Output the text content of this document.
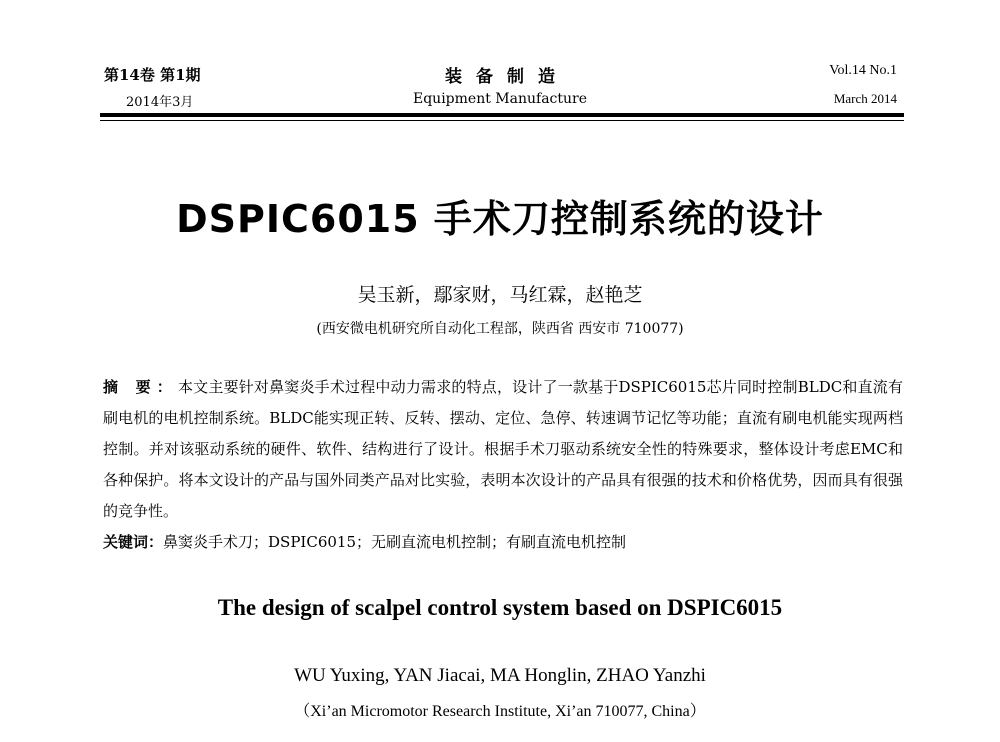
第14卷 第1期
2014年3月
装备制造
Equipment Manufacture
Vol.14 No.1
March 2014
DSPIC6015 手术刀控制系统的设计
吴玉新，鄢家财，马红霖，赵艳芝
(西安微电机研究所自动化工程部，陕西省 西安市 710077)
摘 要：本文主要针对鼻窦炎手术过程中动力需求的特点，设计了一款基于DSPIC6015芯片同时控制BLDC和直流有刷电机的电机控制系统。BLDC能实现正转、反转、摆动、定位、急停、转速调节记忆等功能；直流有刷电机能实现两档控制。并对该驱动系统的硬件、软件、结构进行了设计。根据手术刀驱动系统安全性的特殊要求，整体设计考虑EMC和各种保护。将本文设计的产品与国外同类产品对比实验，表明本次设计的产品具有很强的技术和价格优势，因而具有很强的竞争性。
关键词：鼻窦炎手术刀；DSPIC6015；无刷直流电机控制；有刷直流电机控制
The design of scalpel control system based on DSPIC6015
WU Yuxing, YAN Jiacai, MA Honglin, ZHAO Yanzhi
（Xi’an Micromotor Research Institute, Xi’an 710077, China）
